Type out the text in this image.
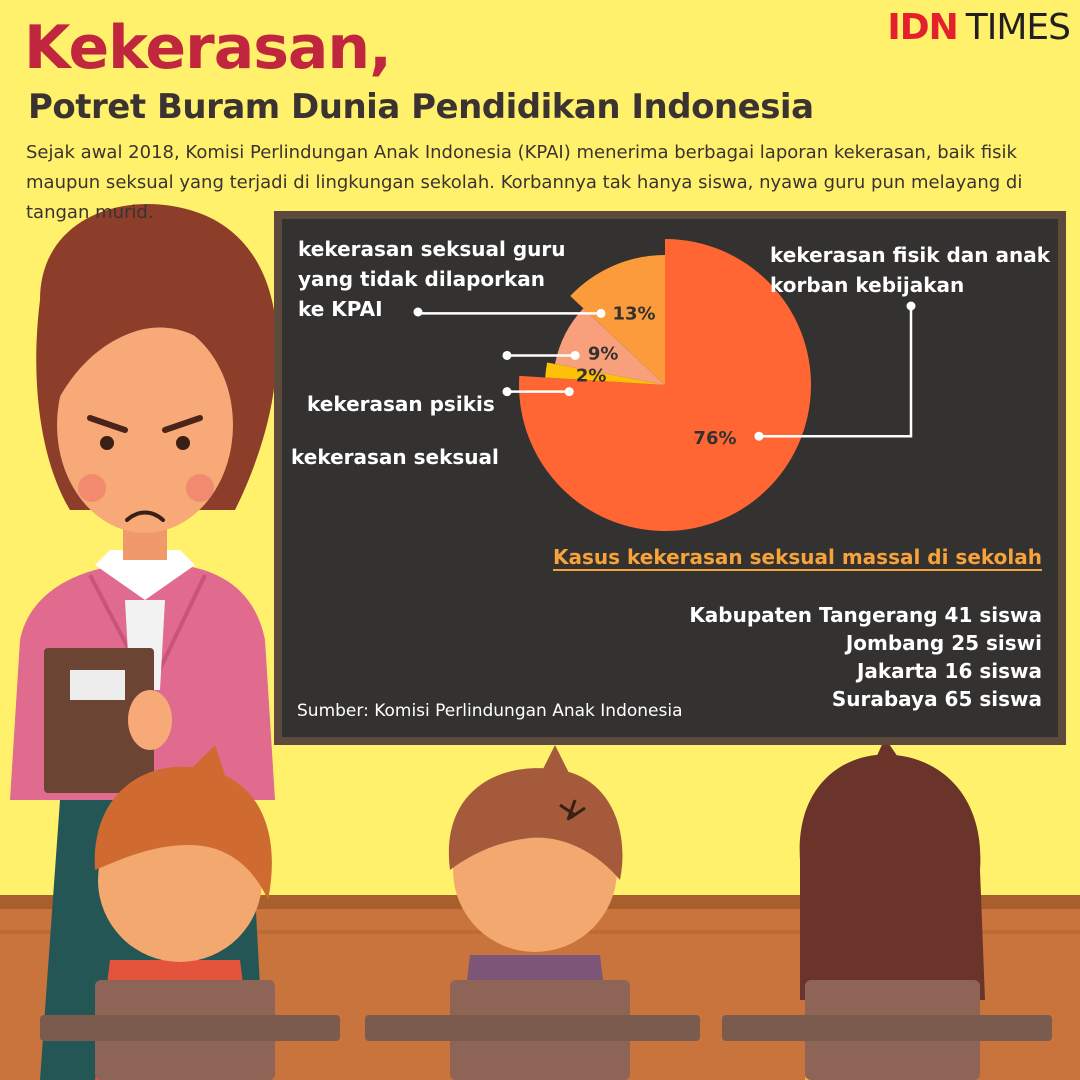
Kekerasan,
Potret Buram Dunia Pendidikan Indonesia
IDN TIMES

Sejak awal 2018, Komisi Perlindungan Anak Indonesia (KPAI) menerima berbagai laporan kekerasan, baik fisik maupun seksual yang terjadi di lingkungan sekolah. Korbannya tak hanya siswa, nyawa guru pun melayang di tangan murid.

76%
2%
9%
13%
kekerasan fisik dan anak korban kebijakan
kekerasan seksual
kekerasan psikis
kekerasan seksual guru yang tidak dilaporkan ke KPAI
Kasus kekerasan seksual massal di sekolah
Kabupaten Tangerang 41 siswa
Jombang 25 siswi
Jakarta 16 siswa
Surabaya 65 siswa
Sumber: Komisi Perlindungan Anak Indonesia
